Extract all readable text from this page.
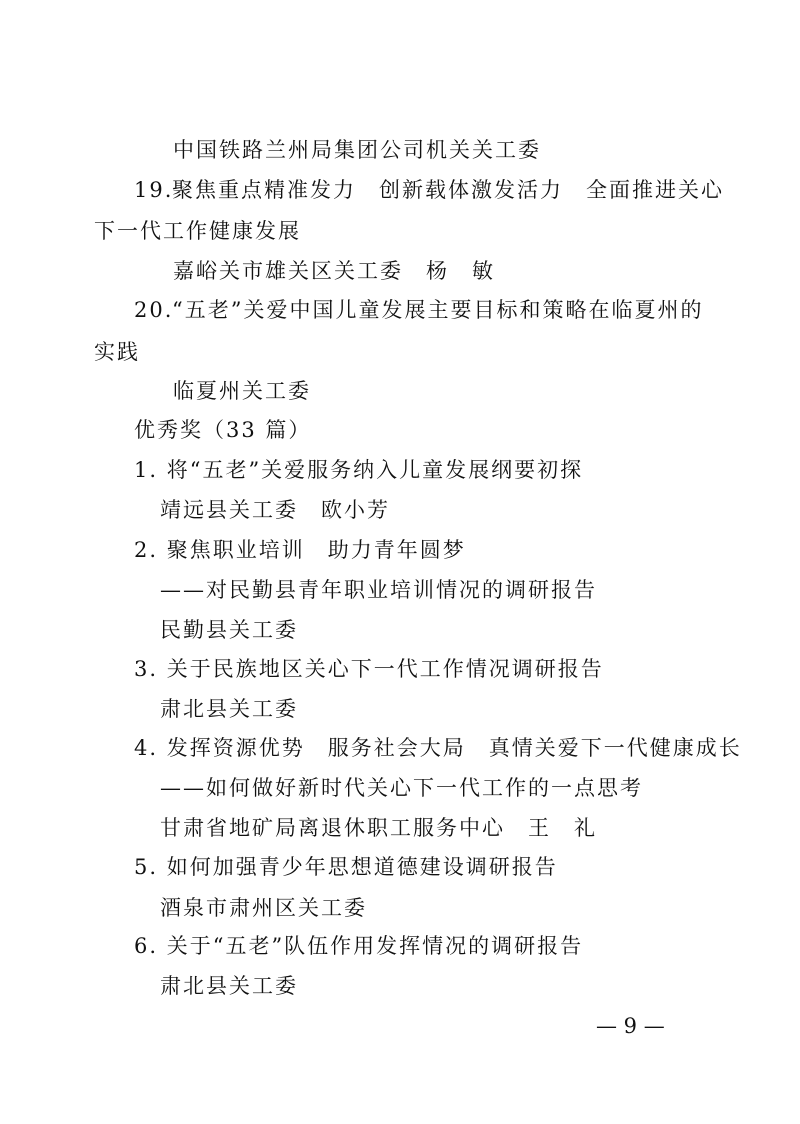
中国铁路兰州局集团公司机关关工委
19.
聚焦重点精准发力　创新载体激发活力　全面推进关心
下一代工作健康发展
嘉峪关市雄关区关工委　杨　敏
20.
“五老”关爱中国儿童发展主要目标和策略在临夏州的
实践
临夏州关工委
优秀奖（33 篇）
1. 将“五老”关爱服务纳入儿童发展纲要初探
靖远县关工委　欧小芳
2. 聚焦职业培训　助力青年圆梦
——对民勤县青年职业培训情况的调研报告
民勤县关工委
3. 关于民族地区关心下一代工作情况调研报告
肃北县关工委
4. 发挥资源优势　服务社会大局　真情关爱下一代健康成长
——如何做好新时代关心下一代工作的一点思考
甘肃省地矿局离退休职工服务中心　王　礼
5. 如何加强青少年思想道德建设调研报告
酒泉市肃州区关工委
6. 关于“五老”队伍作用发挥情况的调研报告
肃北县关工委
— 9 —
